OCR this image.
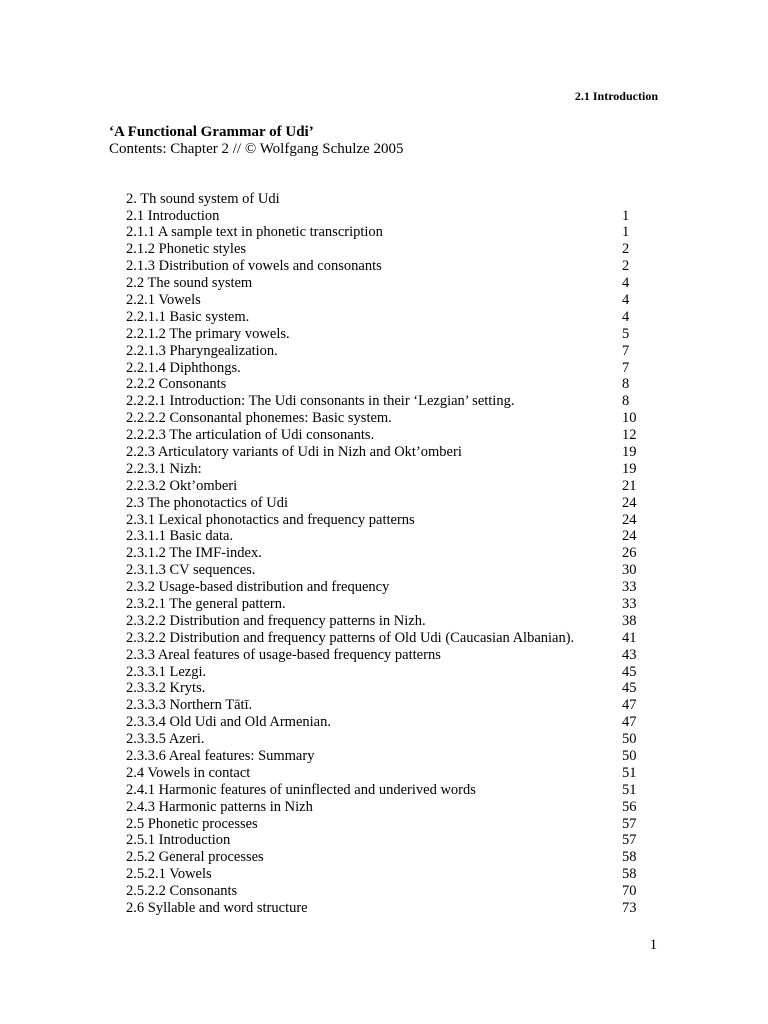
2.1 Introduction
‘A Functional Grammar of Udi’
Contents: Chapter 2 // © Wolfgang Schulze 2005
2. Th sound system of Udi
2.1 Introduction	1
2.1.1 A sample text in phonetic transcription	1
2.1.2 Phonetic styles	2
2.1.3 Distribution of vowels and consonants	2
2.2 The sound system	4
2.2.1 Vowels	4
2.2.1.1 Basic system.	4
2.2.1.2 The primary vowels.	5
2.2.1.3 Pharyngealization.	7
2.2.1.4 Diphthongs.	7
2.2.2 Consonants	8
2.2.2.1 Introduction: The Udi consonants in their ‘Lezgian’ setting.	8
2.2.2.2 Consonantal phonemes: Basic system.	10
2.2.2.3 The articulation of Udi consonants.	12
2.2.3 Articulatory variants of Udi in Nizh and Okt’omberi	19
2.2.3.1 Nizh:	19
2.2.3.2 Okt’omberi	21
2.3 The phonotactics of Udi	24
2.3.1 Lexical phonotactics and frequency patterns	24
2.3.1.1 Basic data.	24
2.3.1.2 The IMF-index.	26
2.3.1.3 CV sequences.	30
2.3.2 Usage-based distribution and frequency	33
2.3.2.1 The general pattern.	33
2.3.2.2 Distribution and frequency patterns in Nizh.	38
2.3.2.2 Distribution and frequency patterns of Old Udi (Caucasian Albanian).	41
2.3.3 Areal features of usage-based frequency patterns	43
2.3.3.1 Lezgi.	45
2.3.3.2 Kryts.	45
2.3.3.3 Northern Tātī.	47
2.3.3.4 Old Udi and Old Armenian.	47
2.3.3.5 Azeri.	50
2.3.3.6 Areal features: Summary	50
2.4 Vowels in contact	51
2.4.1 Harmonic features of uninflected and underived words	51
2.4.3 Harmonic patterns in Nizh	56
2.5 Phonetic processes	57
2.5.1 Introduction	57
2.5.2 General processes	58
2.5.2.1 Vowels	58
2.5.2.2 Consonants	70
2.6 Syllable and word structure	73
1
